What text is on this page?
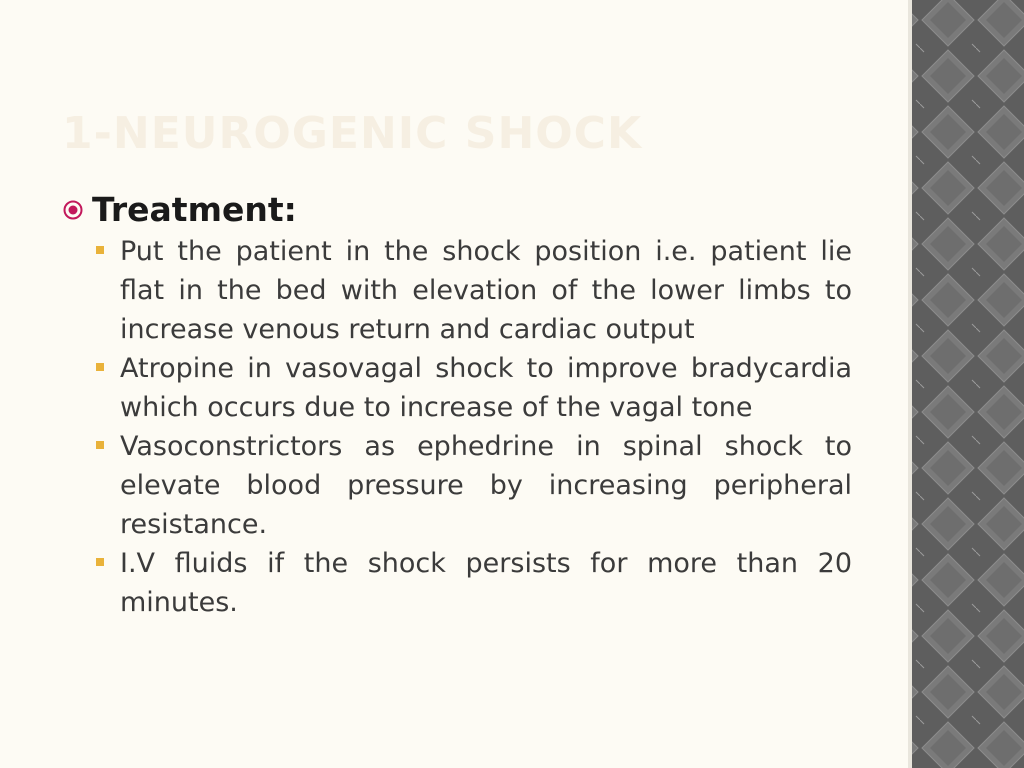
1-NEUROGENIC SHOCK
Treatment:
Put the patient in the shock position i.e. patient lie flat in the bed with elevation of the lower limbs to increase venous return and cardiac output
Atropine in vasovagal shock to improve bradycardia which occurs due to increase of the vagal tone
Vasoconstrictors as ephedrine in spinal shock to elevate blood pressure by increasing peripheral resistance.
I.V fluids if the shock persists for more than 20 minutes.
